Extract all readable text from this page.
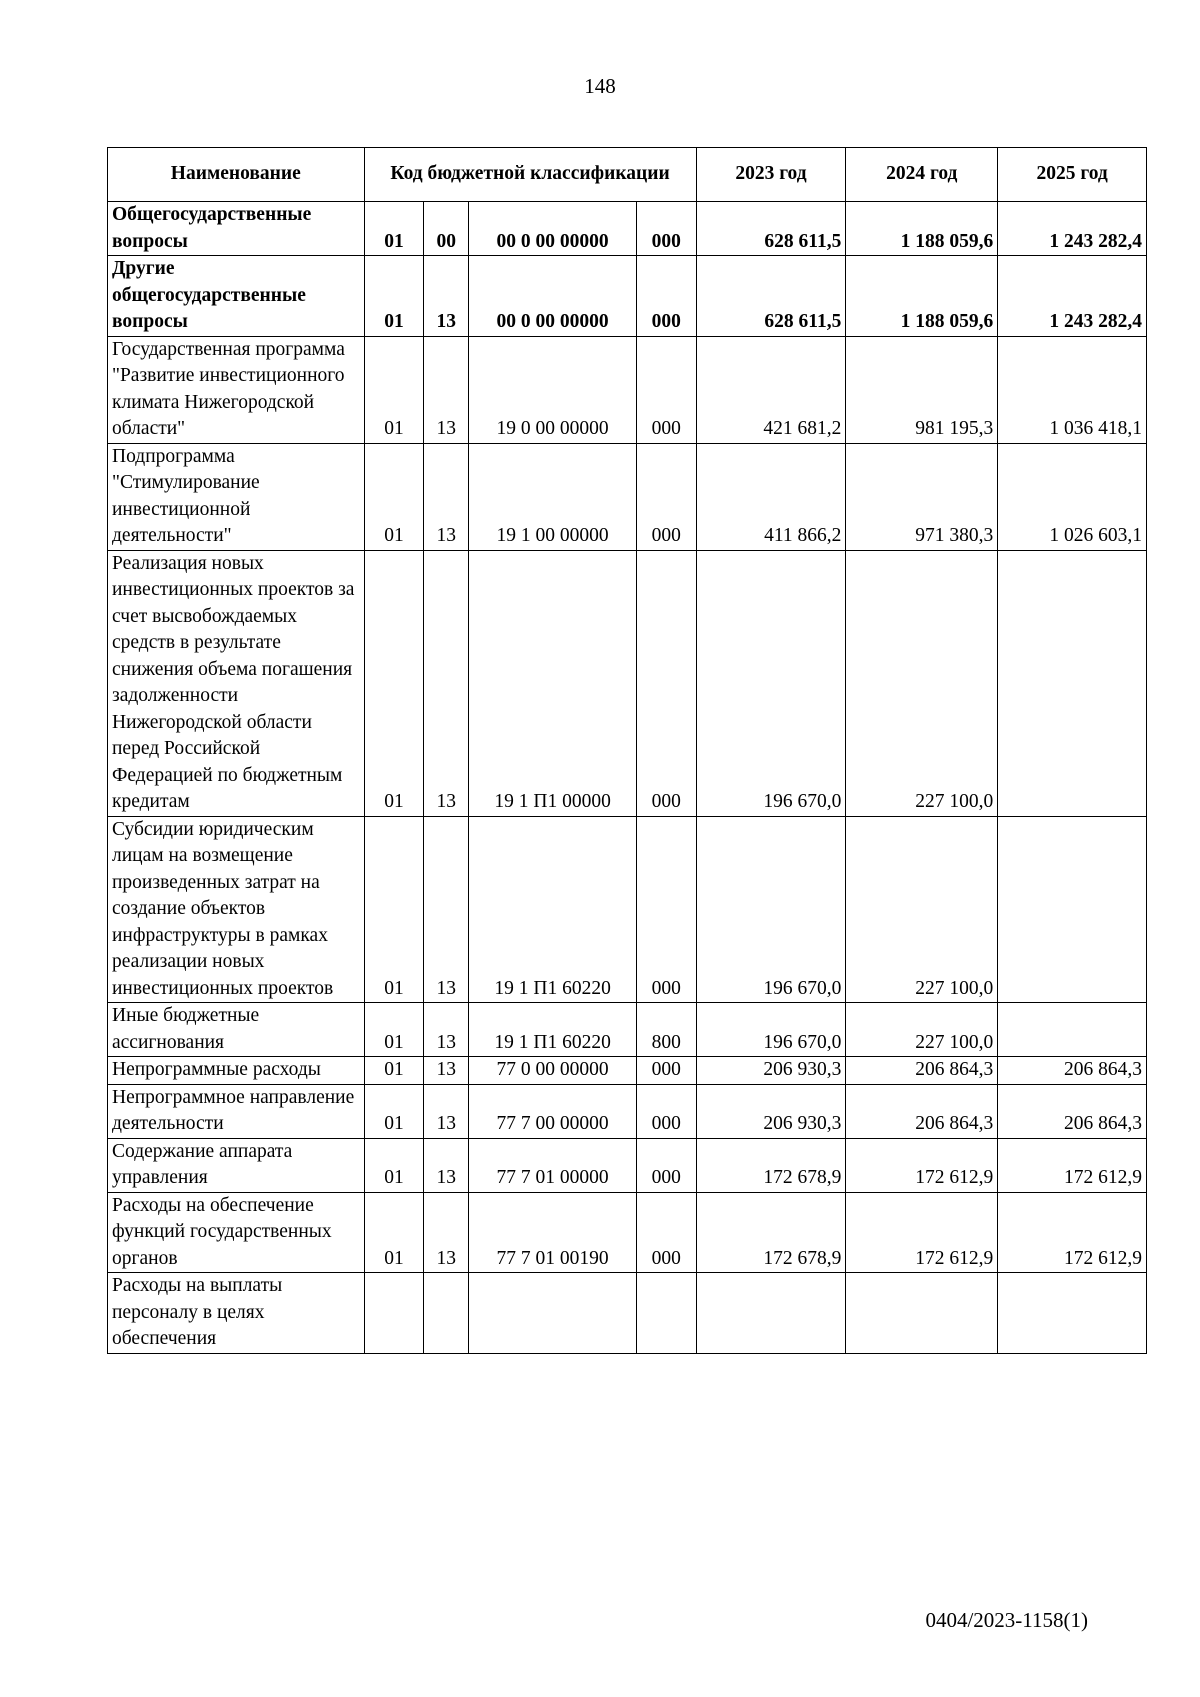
148
Наименование	Код бюджетной классификации				2023 год	2024 год	2025 год
Общегосударственные вопросы	01	00	00 0 00 00000	000	628 611,5	1 188 059,6	1 243 282,4
Другие общегосударственные вопросы	01	13	00 0 00 00000	000	628 611,5	1 188 059,6	1 243 282,4
Государственная программа "Развитие инвестиционного климата Нижегородской области"	01	13	19 0 00 00000	000	421 681,2	981 195,3	1 036 418,1
Подпрограмма "Стимулирование инвестиционной деятельности"	01	13	19 1 00 00000	000	411 866,2	971 380,3	1 026 603,1
Реализация новых инвестиционных проектов за счет высвобождаемых средств в результате снижения объема погашения задолженности Нижегородской области перед Российской Федерацией по бюджетным кредитам	01	13	19 1 П1 00000	000	196 670,0	227 100,0	
Субсидии юридическим лицам на возмещение произведенных затрат на создание объектов инфраструктуры в рамках реализации новых инвестиционных проектов	01	13	19 1 П1 60220	000	196 670,0	227 100,0	
Иные бюджетные ассигнования	01	13	19 1 П1 60220	800	196 670,0	227 100,0	
Непрограммные расходы	01	13	77 0 00 00000	000	206 930,3	206 864,3	206 864,3
Непрограммное направление деятельности	01	13	77 7 00 00000	000	206 930,3	206 864,3	206 864,3
Содержание аппарата управления	01	13	77 7 01 00000	000	172 678,9	172 612,9	172 612,9
Расходы на обеспечение функций государственных органов	01	13	77 7 01 00190	000	172 678,9	172 612,9	172 612,9
Расходы на выплаты персоналу в целях обеспечения							
0404/2023-1158(1)
